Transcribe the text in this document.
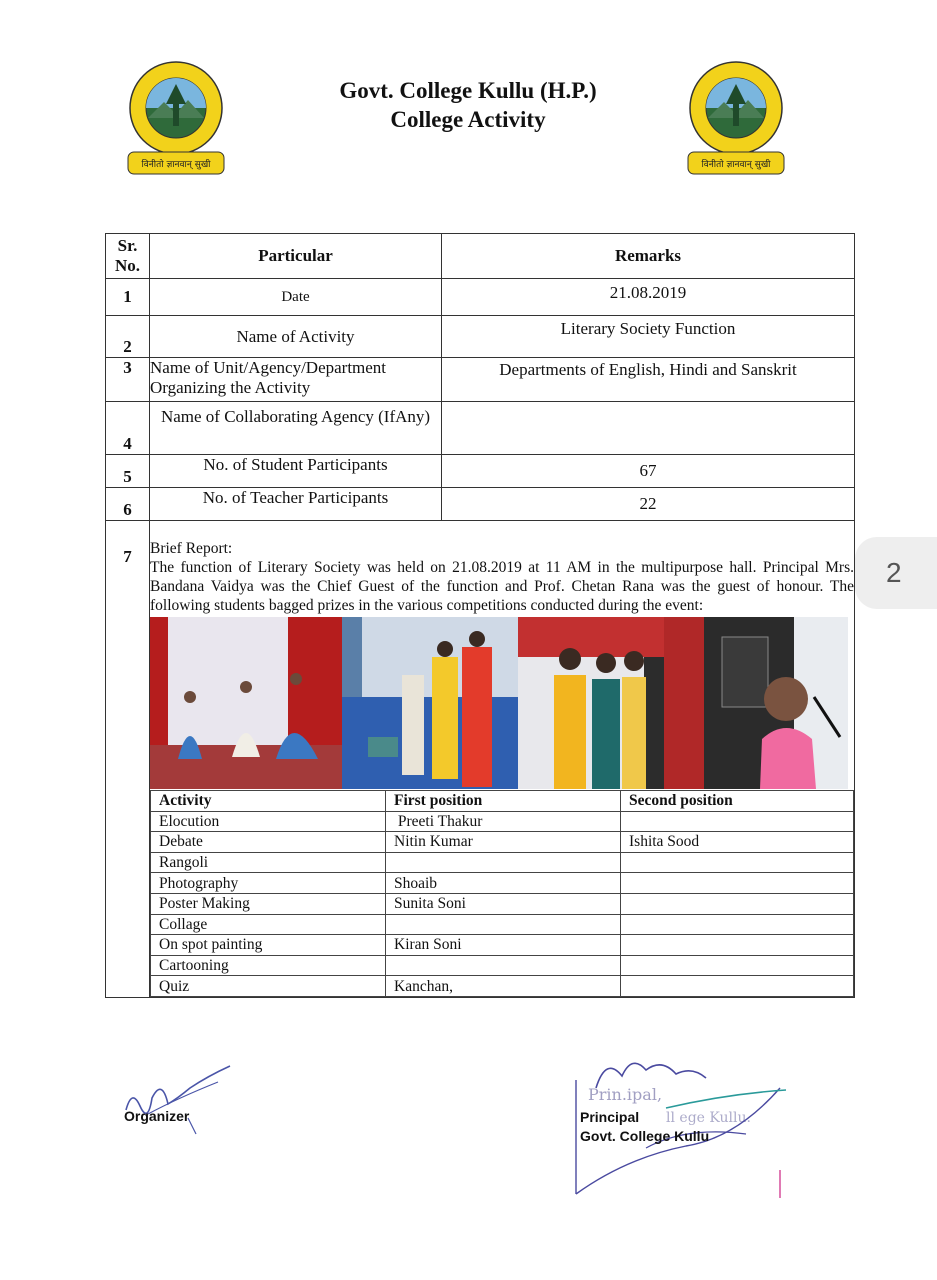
विनीतो ज्ञानवान् सुखी
Govt. College Kullu (H.P.)
College Activity
विनीतो ज्ञानवान् सुखी
Sr. No.	Particular	Remarks
1	Date	21.08.2019
2	Name of Activity	Literary Society Function
3	Name of Unit/Agency/Department Organizing the Activity	Departments of English, Hindi and Sanskrit
4	Name of Collaborating Agency (IfAny)	
5	No. of Student Participants	67
6	No. of Teacher Participants	22
7	Brief Report:
The function of Literary Society was held on 21.08.2019 at 11 AM in the multipurpose hall. Principal Mrs. Bandana Vaidya was the Chief Guest of the function and Prof. Chetan Rana was the guest of honour. The following students bagged prizes in the various competitions conducted during the event:
Activity	First position	Second position
Elocution	Preeti Thakur	
Debate	Nitin Kumar	Ishita Sood
Rangoli		
Photography	Shoaib	
Poster Making	Sunita Soni	
Collage		
On spot painting	Kiran Soni	
Cartooning		
Quiz	Kanchan,	
2
Organizer
Prin.ipal,
ll ege Kullu.
Principal
Govt. College Kullu
